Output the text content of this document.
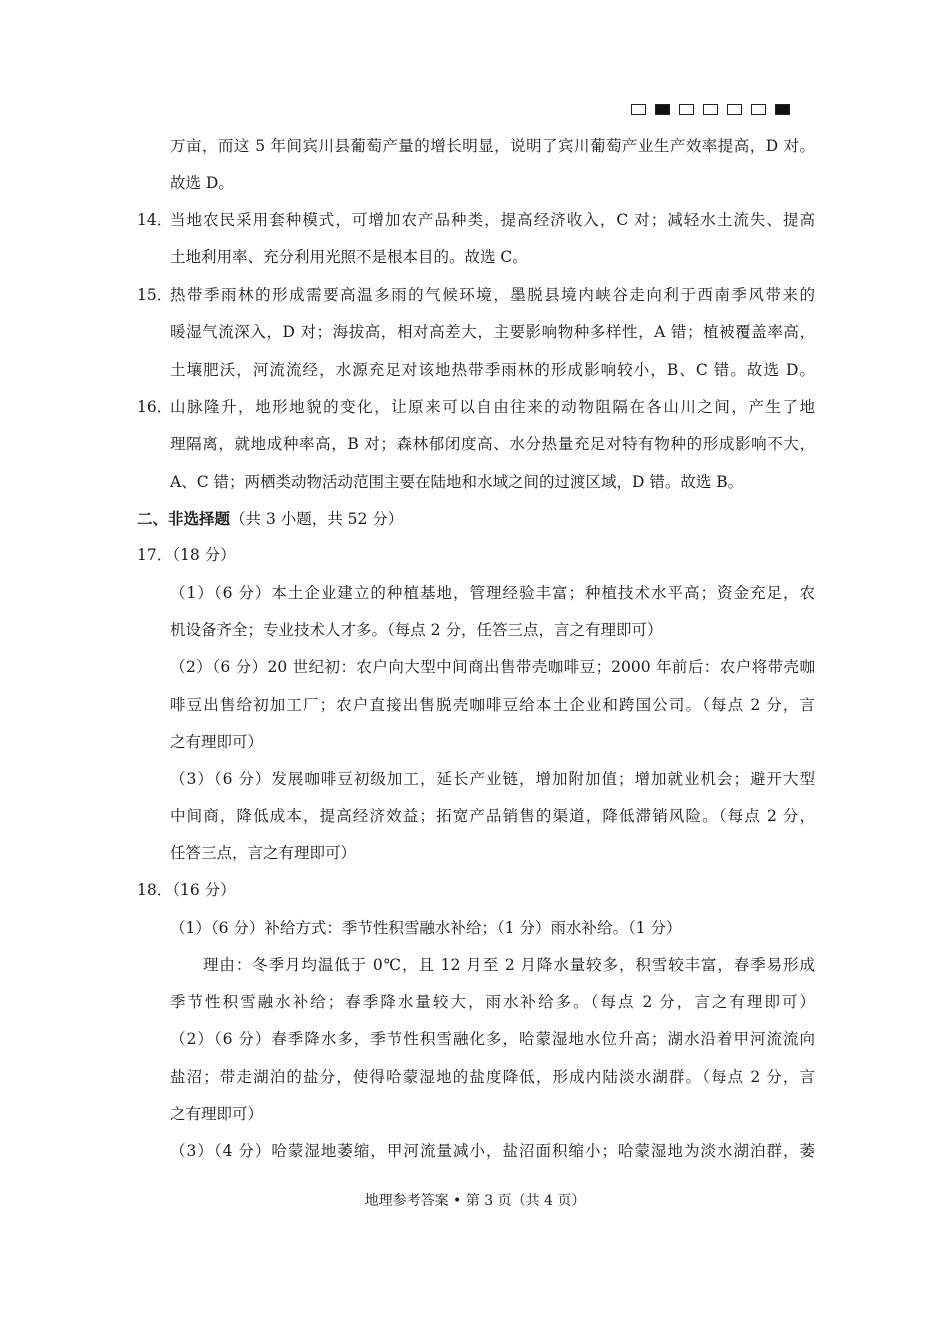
万亩，而这 5 年间宾川县葡萄产量的增长明显，说明了宾川葡萄产业生产效率提高，D 对。
故选 D。
14．
当地农民采用套种模式，可增加农产品种类，提高经济收入，C 对；减轻水土流失、提高
土地利用率、充分利用光照不是根本目的。故选 C。
15．
热带季雨林的形成需要高温多雨的气候环境，墨脱县境内峡谷走向利于西南季风带来的
暖湿气流深入，D 对；海拔高，相对高差大，主要影响物种多样性，A 错；植被覆盖率高，
土壤肥沃，河流流经，水源充足对该地热带季雨林的形成影响较小，B、C 错。故选 D。
16．
山脉隆升，地形地貌的变化，让原来可以自由往来的动物阻隔在各山川之间，产生了地
理隔离，就地成种率高，B 对；森林郁闭度高、水分热量充足对特有物种的形成影响不大，
A、C 错；两栖类动物活动范围主要在陆地和水域之间的过渡区域，D 错。故选 B。
二、非选择题（共 3 小题，共 52 分）
17．（18 分）
（1）（6 分）本土企业建立的种植基地，管理经验丰富；种植技术水平高；资金充足，农
机设备齐全；专业技术人才多。（每点 2 分，任答三点，言之有理即可）
（2）（6 分）20 世纪初：农户向大型中间商出售带壳咖啡豆；2000 年前后：农户将带壳咖
啡豆出售给初加工厂；农户直接出售脱壳咖啡豆给本土企业和跨国公司。（每点 2 分，言
之有理即可）
（3）（6 分）发展咖啡豆初级加工，延长产业链，增加附加值；增加就业机会；避开大型
中间商，降低成本，提高经济效益；拓宽产品销售的渠道，降低滞销风险。（每点 2 分，
任答三点，言之有理即可）
18．（16 分）
（1）（6 分）补给方式：季节性积雪融水补给；（1 分）雨水补给。（1 分）
理由：冬季月均温低于 0℃，且 12 月至 2 月降水量较多，积雪较丰富，春季易形成
季节性积雪融水补给；春季降水量较大，雨水补给多。（每点 2 分，言之有理即可）
（2）（6 分）春季降水多，季节性积雪融化多，哈蒙湿地水位升高；湖水沿着甲河流流向
盐沼；带走湖泊的盐分，使得哈蒙湿地的盐度降低，形成内陆淡水湖群。（每点 2 分，言
之有理即可）
（3）（4 分）哈蒙湿地萎缩，甲河流量减小，盐沼面积缩小；哈蒙湿地为淡水湖泊群，萎
地理参考答案 • 第 3 页（共 4 页）
